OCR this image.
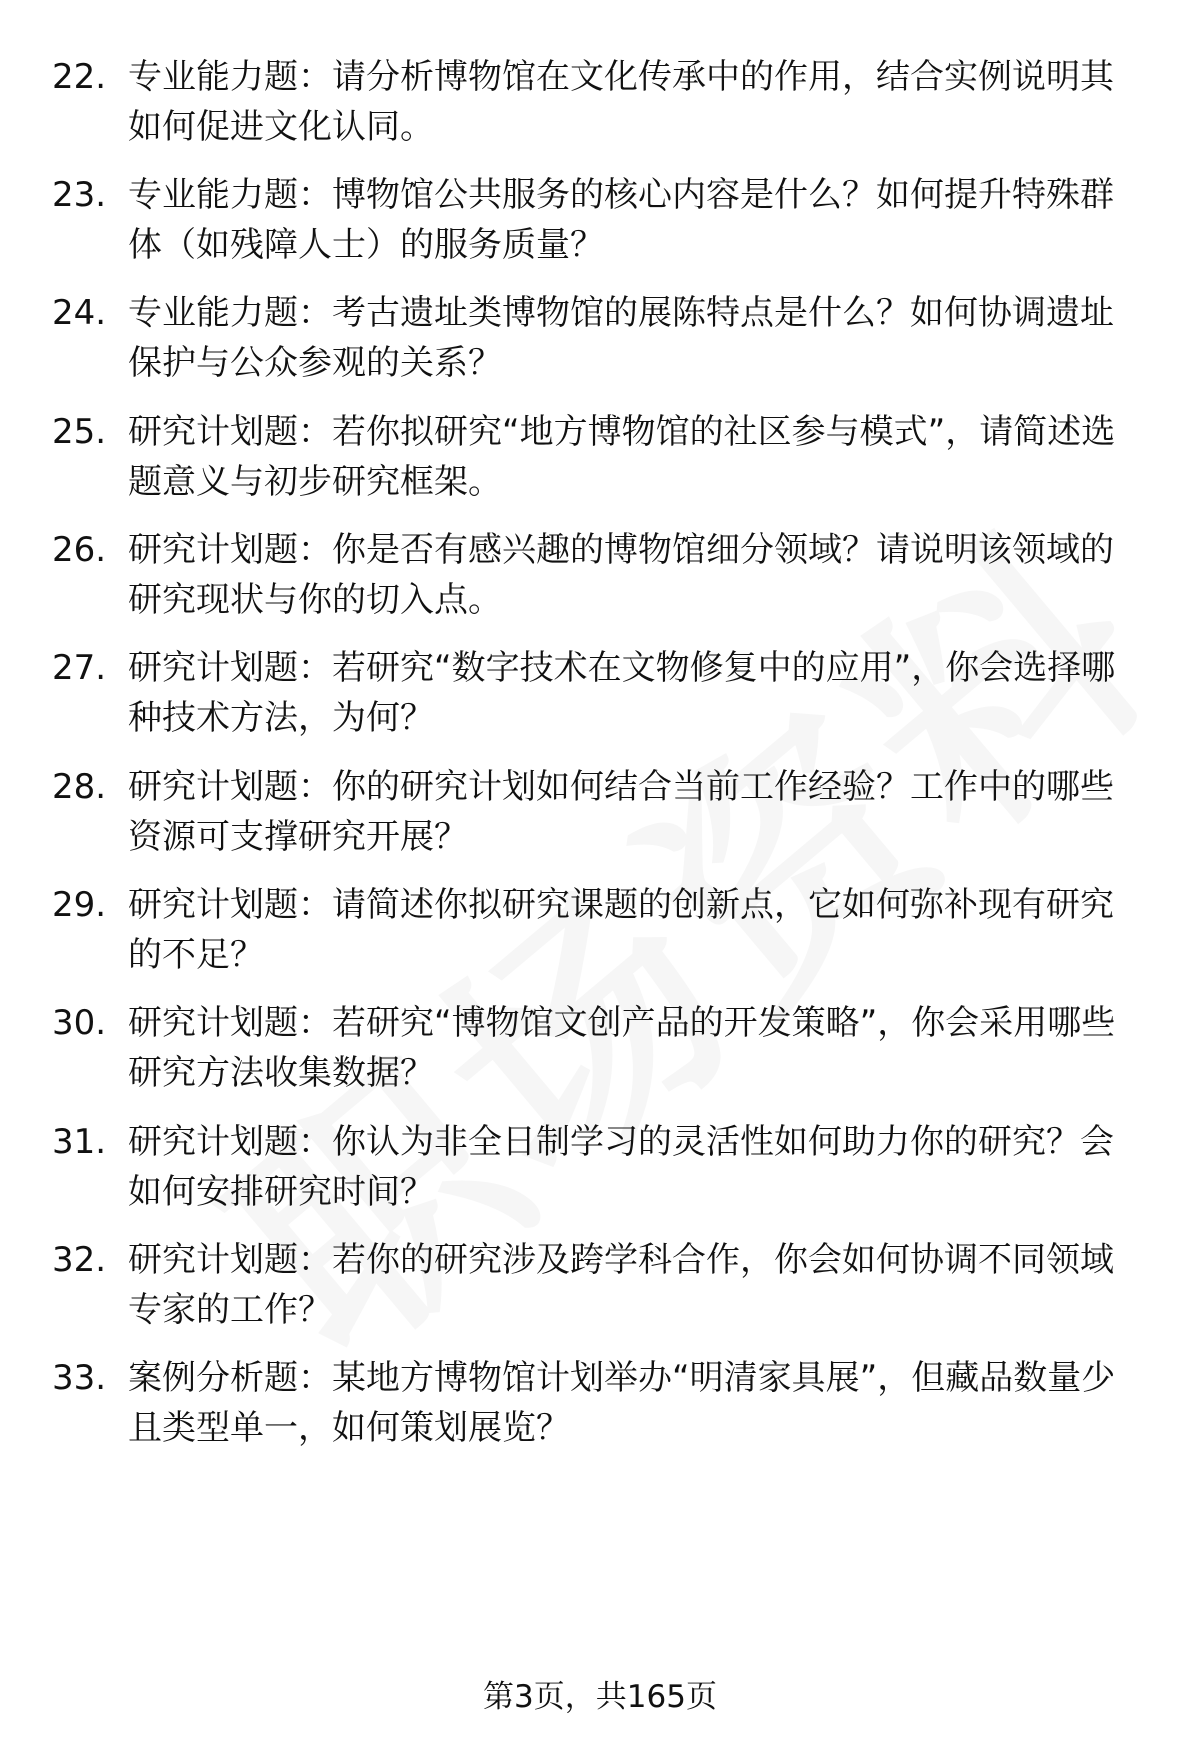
22. 专业能力题：请分析博物馆在文化传承中的作用，结合实例说明其如何促进文化认同。
23. 专业能力题：博物馆公共服务的核心内容是什么？如何提升特殊群体（如残障人士）的服务质量？
24. 专业能力题：考古遗址类博物馆的展陈特点是什么？如何协调遗址保护与公众参观的关系？
25. 研究计划题：若你拟研究“地方博物馆的社区参与模式”，请简述选题意义与初步研究框架。
26. 研究计划题：你是否有感兴趣的博物馆细分领域？请说明该领域的研究现状与你的切入点。
27. 研究计划题：若研究“数字技术在文物修复中的应用”，你会选择哪种技术方法，为何？
28. 研究计划题：你的研究计划如何结合当前工作经验？工作中的哪些资源可支撑研究开展？
29. 研究计划题：请简述你拟研究课题的创新点，它如何弥补现有研究的不足？
30. 研究计划题：若研究“博物馆文创产品的开发策略”，你会采用哪些研究方法收集数据？
31. 研究计划题：你认为非全日制学习的灵活性如何助力你的研究？会如何安排研究时间？
32. 研究计划题：若你的研究涉及跨学科合作，你会如何协调不同领域专家的工作？
33. 案例分析题：某地方博物馆计划举办“明清家具展”，但藏品数量少且类型单一，如何策划展览？
第3页，共165页
